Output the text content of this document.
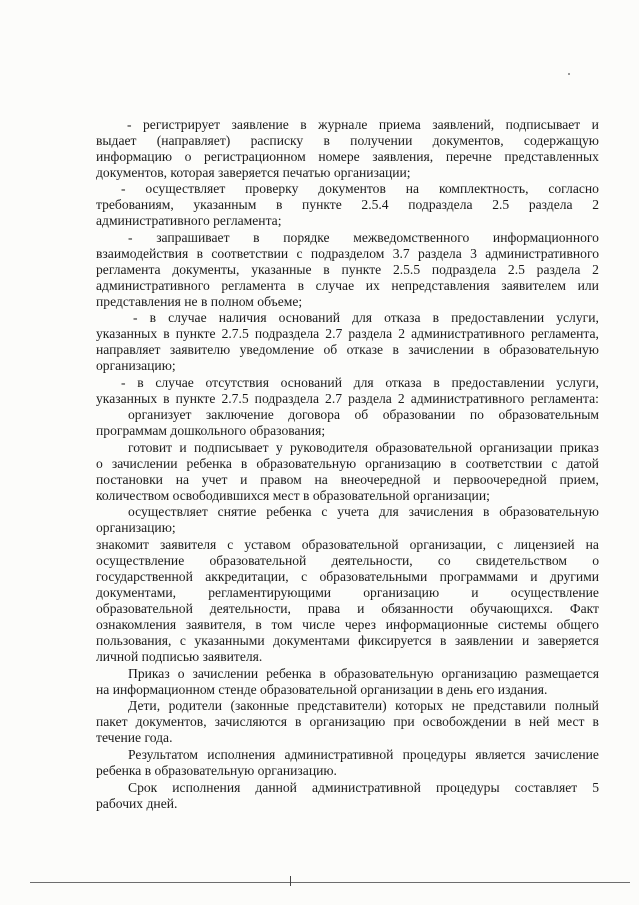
- регистрирует заявление в журнале приема заявлений, подписывает и
выдает (направляет) расписку в получении документов, содержащую
информацию о регистрационном номере заявления, перечне представленных
документов, которая заверяется печатью организации;
- осуществляет проверку документов на комплектность, согласно
требованиям, указанным в пункте 2.5.4 подраздела 2.5 раздела 2
административного регламента;
- запрашивает в порядке межведомственного информационного
взаимодействия в соответствии с подразделом 3.7 раздела 3 административного
регламента документы, указанные в пункте 2.5.5 подраздела 2.5 раздела 2
административного регламента в случае их непредставления заявителем или
представления не в полном объеме;
- в случае наличия оснований для отказа в предоставлении услуги,
указанных в пункте 2.7.5 подраздела 2.7 раздела 2 административного регламента,
направляет заявителю уведомление об отказе в зачислении в образовательную
организацию;
- в случае отсутствия оснований для отказа в предоставлении услуги,
указанных в пункте 2.7.5 подраздела 2.7 раздела 2 административного регламента:
организует заключение договора об образовании по образовательным
программам дошкольного образования;
готовит и подписывает у руководителя образовательной организации приказ
о зачислении ребенка в образовательную организацию в соответствии с датой
постановки на учет и правом на внеочередной и первоочередной прием,
количеством освободившихся мест в образовательной организации;
осуществляет снятие ребенка с учета для зачисления в образовательную
организацию;
знакомит заявителя с уставом образовательной организации, с лицензией на
осуществление образовательной деятельности, со свидетельством о
государственной аккредитации, с образовательными программами и другими
документами, регламентирующими организацию и осуществление
образовательной деятельности, права и обязанности обучающихся. Факт
ознакомления заявителя, в том числе через информационные системы общего
пользования, с указанными документами фиксируется в заявлении и заверяется
личной подписью заявителя.
Приказ о зачислении ребенка в образовательную организацию размещается
на информационном стенде образовательной организации в день его издания.
Дети, родители (законные представители) которых не представили полный
пакет документов, зачисляются в организацию при освобождении в ней мест в
течение года.
Результатом исполнения административной процедуры является зачисление
ребенка в образовательную организацию.
Срок исполнения данной административной процедуры составляет 5
рабочих дней.
